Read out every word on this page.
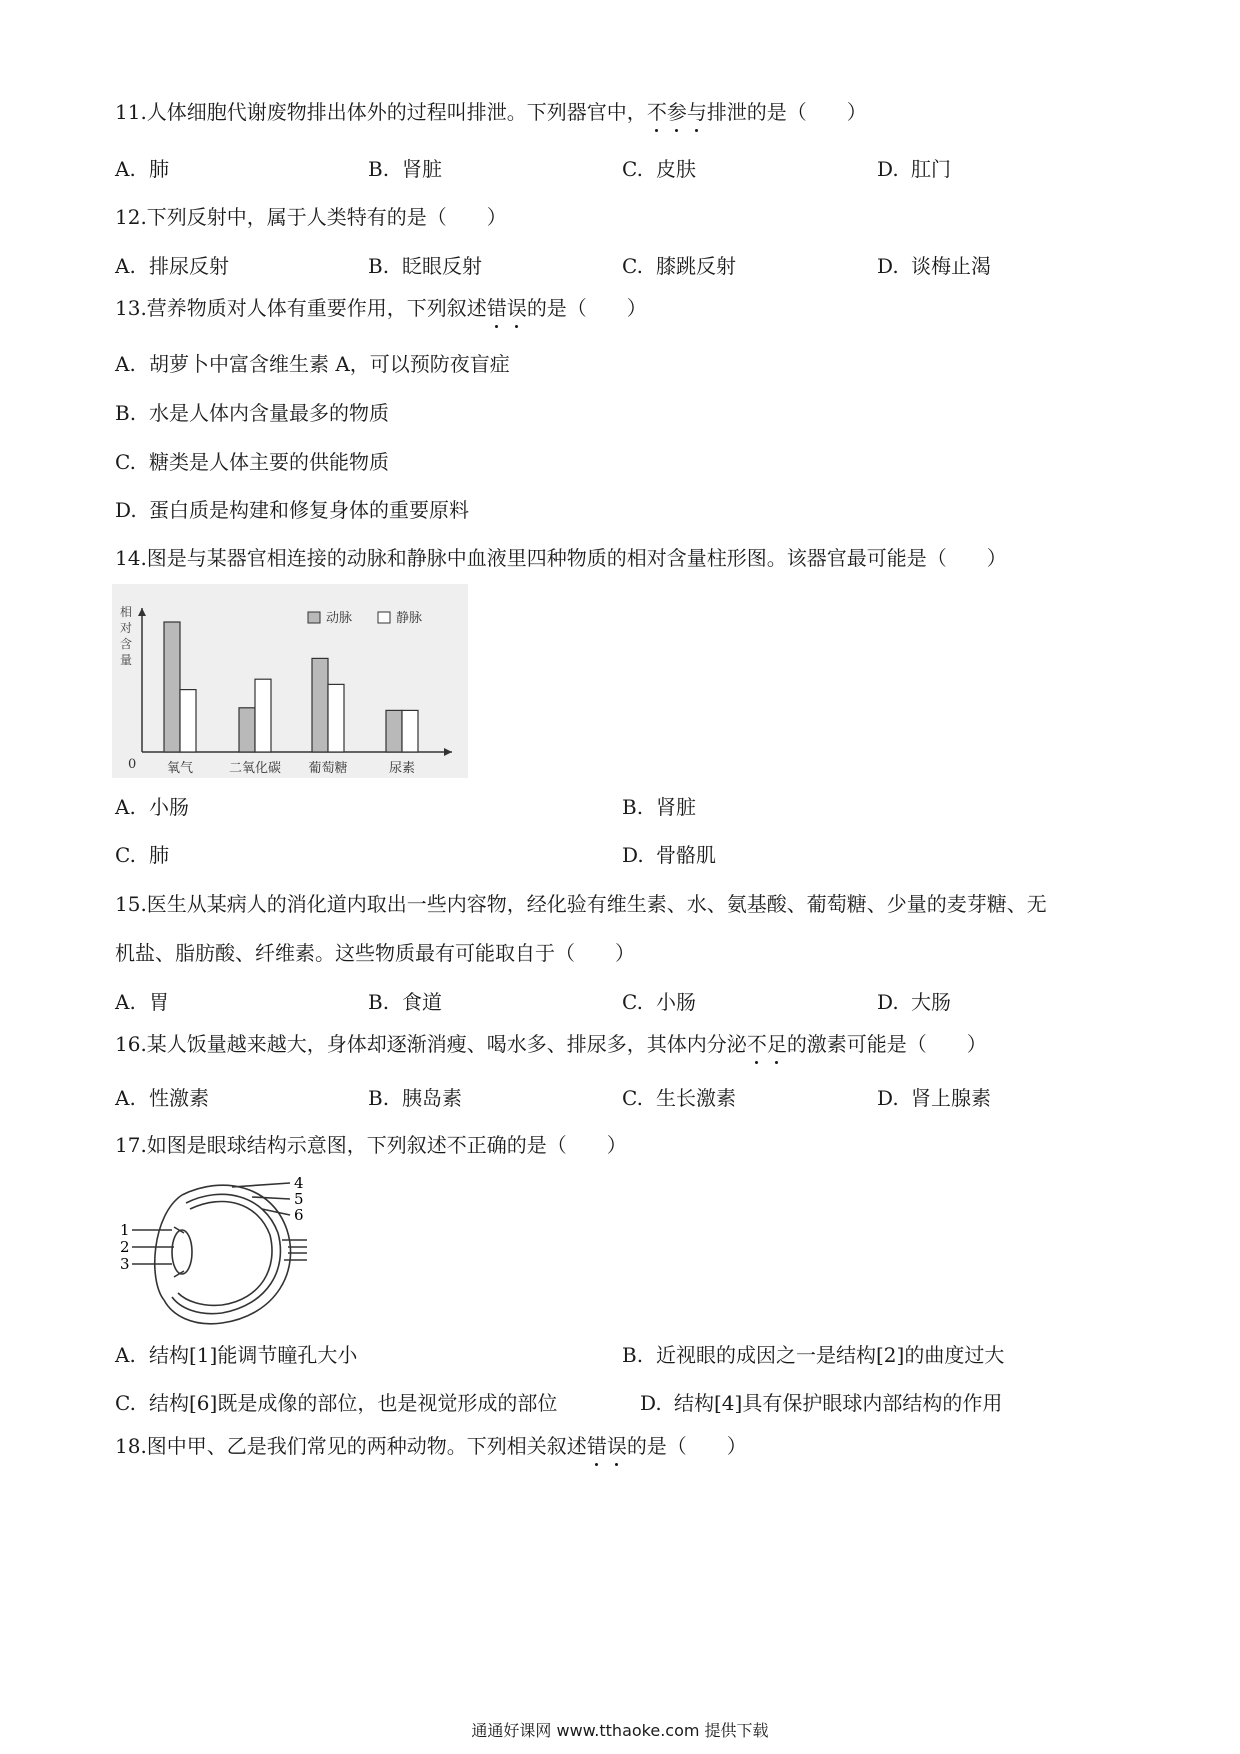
11.人体细胞代谢废物排出体外的过程叫排泄。下列器官中，不参与排泄的是（　　）
A. 肺	B. 肾脏	C. 皮肤	D. 肛门
12.下列反射中，属于人类特有的是（　　）
A. 排尿反射	B. 眨眼反射	C. 膝跳反射	D. 谈梅止渴
13.营养物质对人体有重要作用，下列叙述错误的是（　　）
A. 胡萝卜中富含维生素 A，可以预防夜盲症
B. 水是人体内含量最多的物质
C. 糖类是人体主要的供能物质
D. 蛋白质是构建和修复身体的重要原料
14.图是与某器官相连接的动脉和静脉中血液里四种物质的相对含量柱形图。该器官最可能是（　　）
0
相
对
含
量
氧气	二氧化碳 葡萄糖	尿素
动脉	静脉
A. 小肠	B. 肾脏
C. 肺	D. 骨骼肌
15.医生从某病人的消化道内取出一些内容物，经化验有维生素、水、氨基酸、葡萄糖、少量的麦芽糖、无
机盐、脂肪酸、纤维素。这些物质最有可能取自于（　　）
A. 胃	B. 食道	C. 小肠	D. 大肠
16.某人饭量越来越大，身体却逐渐消瘦、喝水多、排尿多，其体内分泌不足的激素可能是（　　）
A. 性激素	B. 胰岛素	C. 生长激素	D. 肾上腺素
17.如图是眼球结构示意图，下列叙述不正确的是（　　）
1
2
3
4
5
6
A. 结构[1]能调节瞳孔大小	B. 近视眼的成因之一是结构[2]的曲度过大
C. 结构[6]既是成像的部位，也是视觉形成的部位	D. 结构[4]具有保护眼球内部结构的作用
18.图中甲、乙是我们常见的两种动物。下列相关叙述错误的是（　　）
通通好课网 www.tthaoke.com 提供下载
